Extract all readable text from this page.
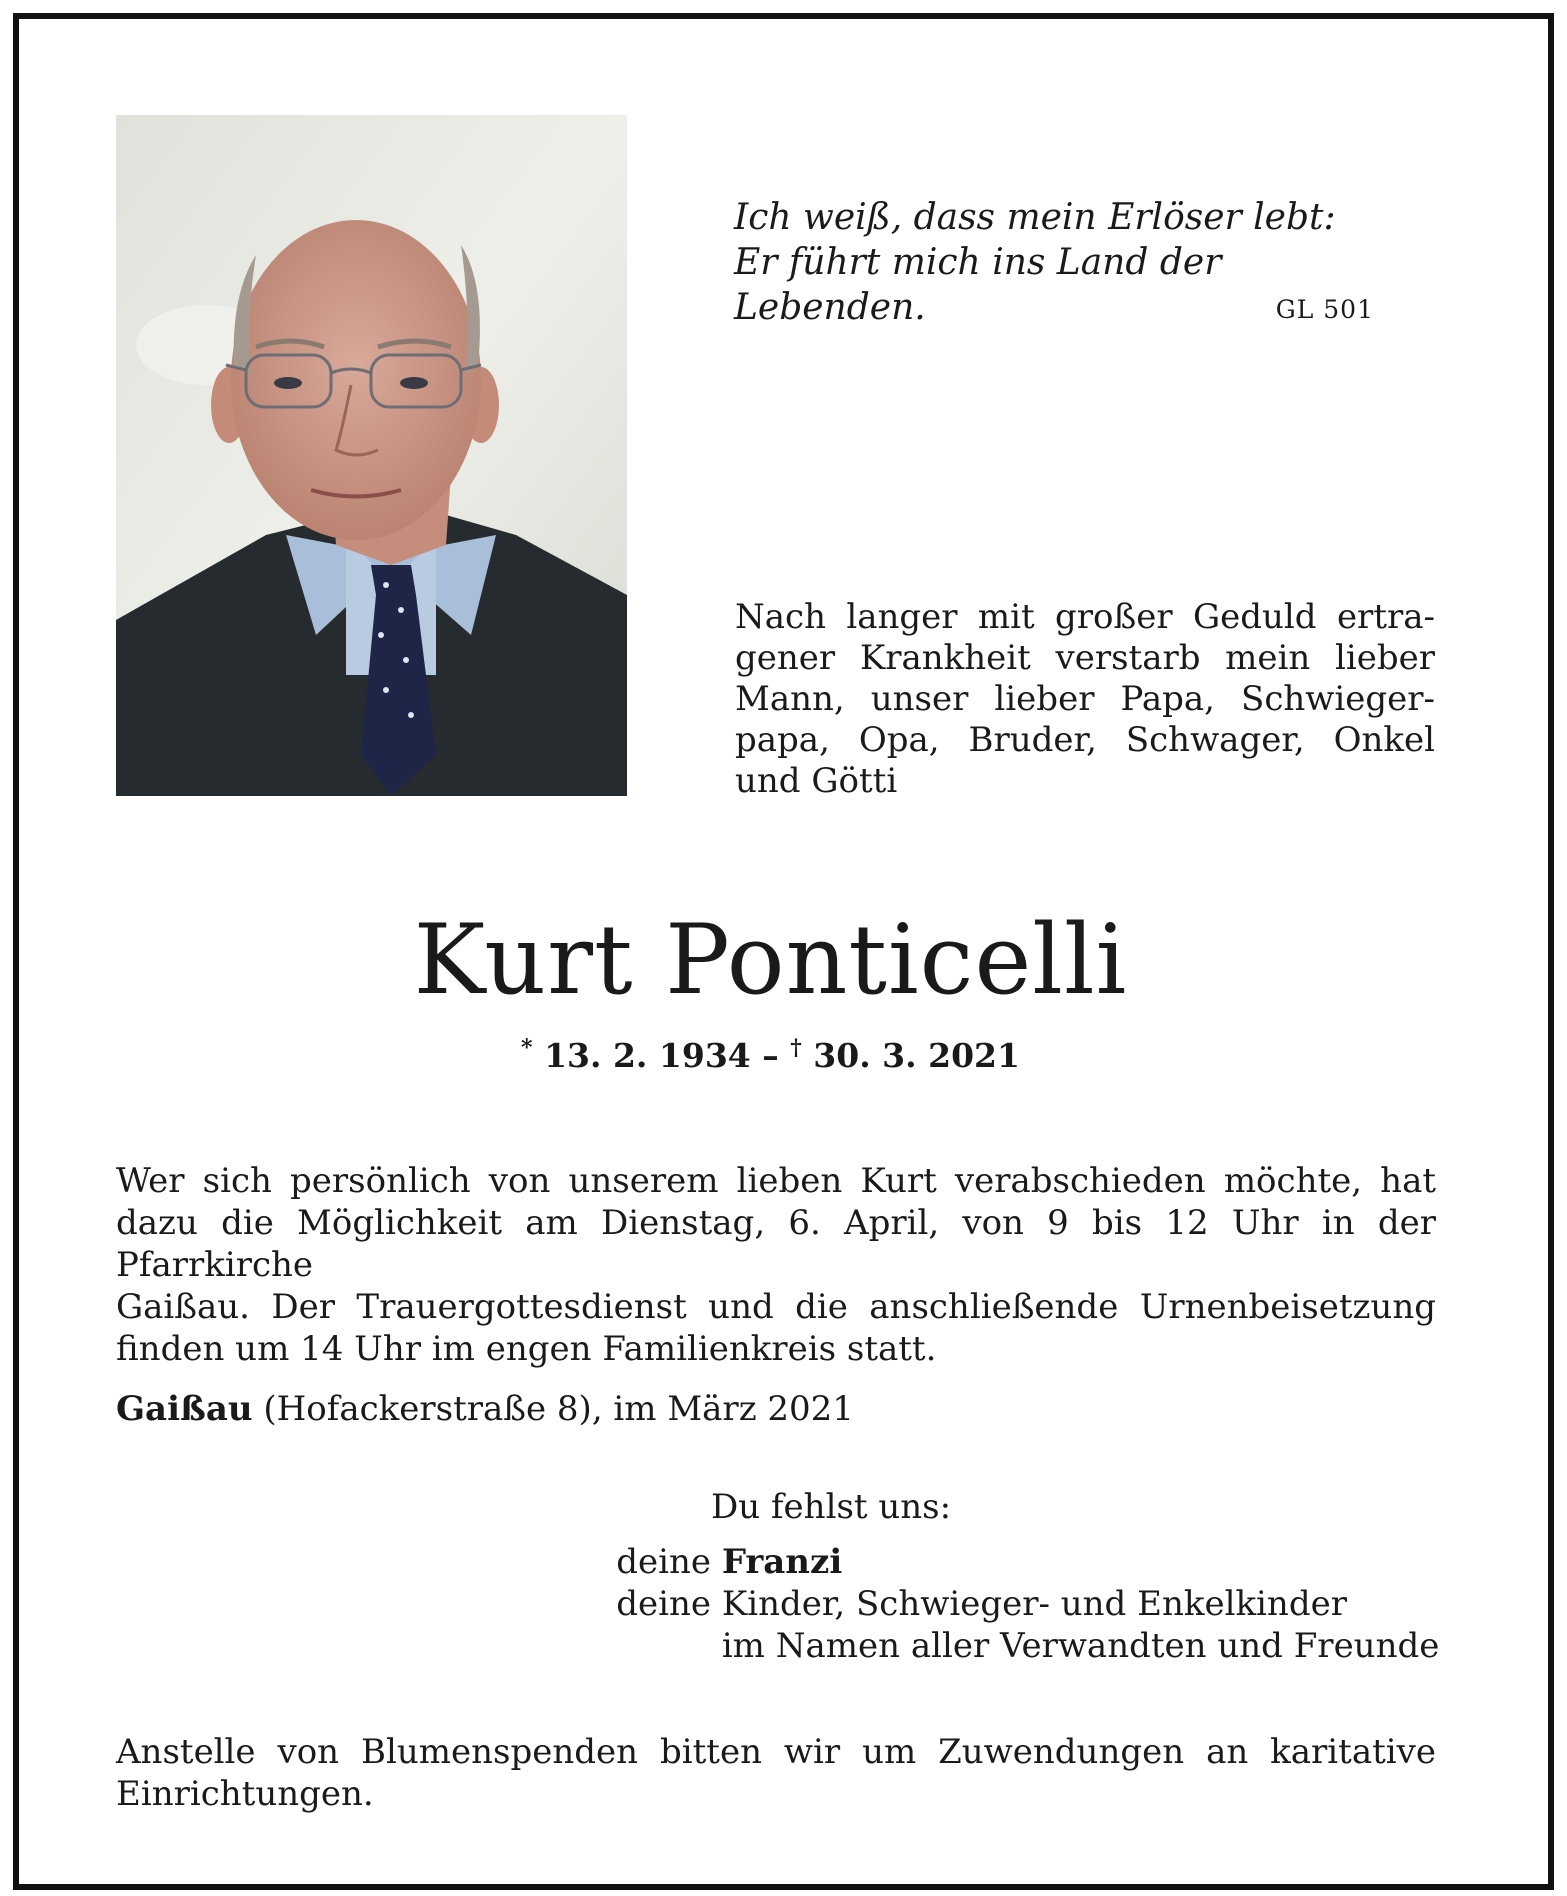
Ich weiß, dass mein Erlöser lebt:
Er führt mich ins Land der Lebenden.	GL 501
Nach langer mit großer Geduld ertra-
gener Krankheit verstarb mein lieber
Mann, unser lieber Papa, Schwieger-
papa, Opa, Bruder, Schwager, Onkel
und Götti
Kurt Ponticelli
* 13. 2. 1934 – † 30. 3. 2021
Wer sich persönlich von unserem lieben Kurt verabschieden möchte, hat
dazu die Möglichkeit am Dienstag, 6. April, von 9 bis 12 Uhr in der Pfarrkirche
Gaißau. Der Trauergottesdienst und die anschließende Urnenbeisetzung
finden um 14 Uhr im engen Familienkreis statt.
Gaißau (Hofackerstraße 8), im März 2021
Du fehlst uns:
deine Franzi
deine Kinder, Schwieger- und Enkelkinder
im Namen aller Verwandten und Freunde
Anstelle von Blumenspenden bitten wir um Zuwendungen an karitative
Einrichtungen.
